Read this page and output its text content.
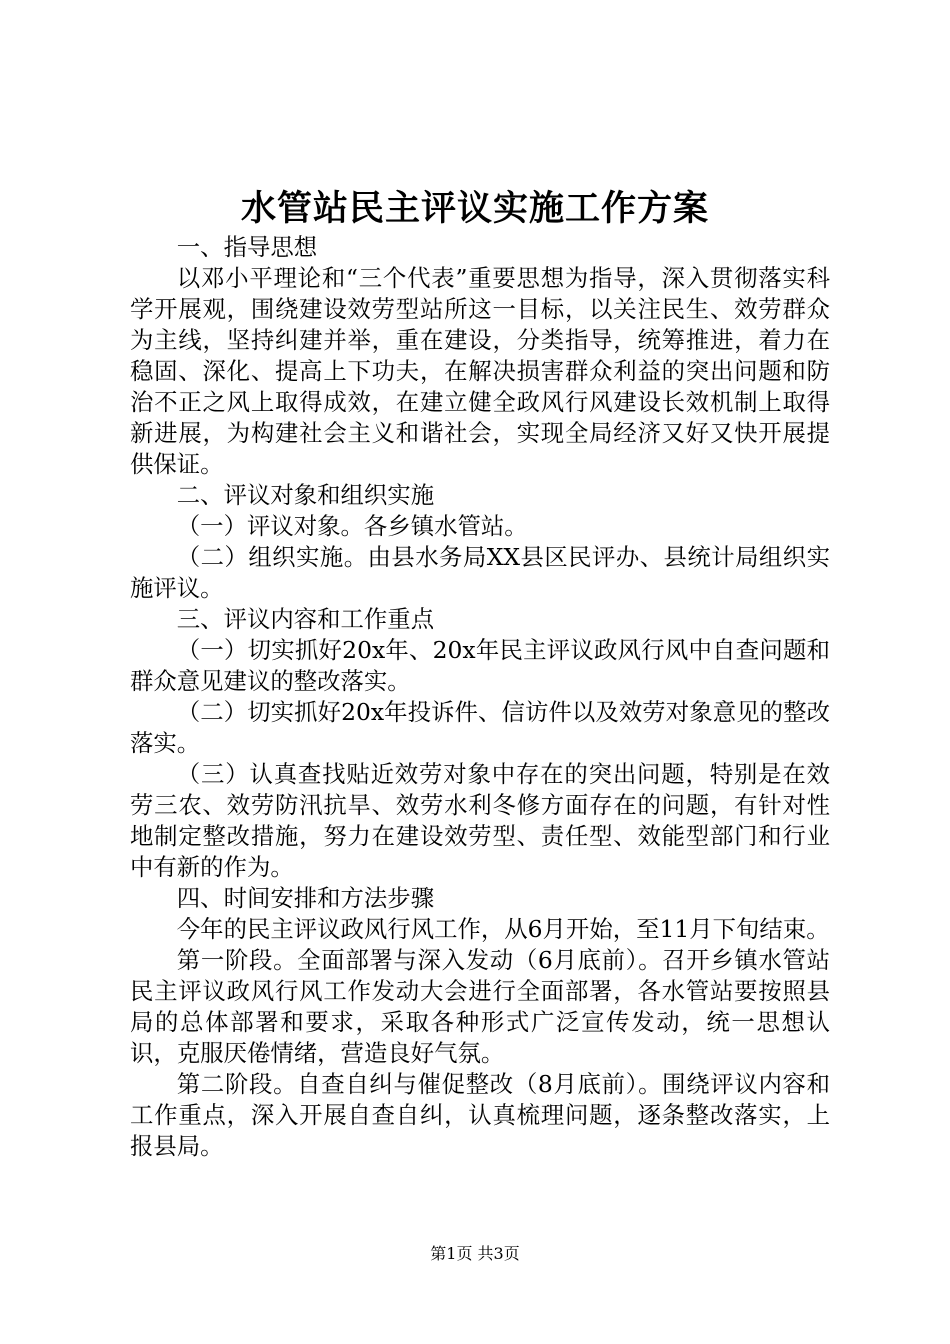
水管站民主评议实施工作方案

一、指导思想

以邓小平理论和“三个代表”重要思想为指导，深入贯彻落实科学开展观，围绕建设效劳型站所这一目标，以关注民生、效劳群众为主线，坚持纠建并举，重在建设，分类指导，统筹推进，着力在稳固、深化、提高上下功夫，在解决损害群众利益的突出问题和防治不正之风上取得成效，在建立健全政风行风建设长效机制上取得新进展，为构建社会主义和谐社会，实现全局经济又好又快开展提供保证。

二、评议对象和组织实施

（一）评议对象。各乡镇水管站。

（二）组织实施。由县水务局XX县区民评办、县统计局组织实施评议。

三、评议内容和工作重点

（一）切实抓好20x年、20x年民主评议政风行风中自查问题和群众意见建议的整改落实。

（二）切实抓好20x年投诉件、信访件以及效劳对象意见的整改落实。

（三）认真查找贴近效劳对象中存在的突出问题，特别是在效劳三农、效劳防汛抗旱、效劳水利冬修方面存在的问题，有针对性地制定整改措施，努力在建设效劳型、责任型、效能型部门和行业中有新的作为。

四、时间安排和方法步骤

今年的民主评议政风行风工作，从6月开始，至11月下旬结束。

第一阶段。全面部署与深入发动（6月底前）。召开乡镇水管站民主评议政风行风工作发动大会进行全面部署，各水管站要按照县局的总体部署和要求，采取各种形式广泛宣传发动，统一思想认识，克服厌倦情绪，营造良好气氛。

第二阶段。自查自纠与催促整改（8月底前）。围绕评议内容和工作重点，深入开展自查自纠，认真梳理问题，逐条整改落实，上报县局。

第1页 共3页
